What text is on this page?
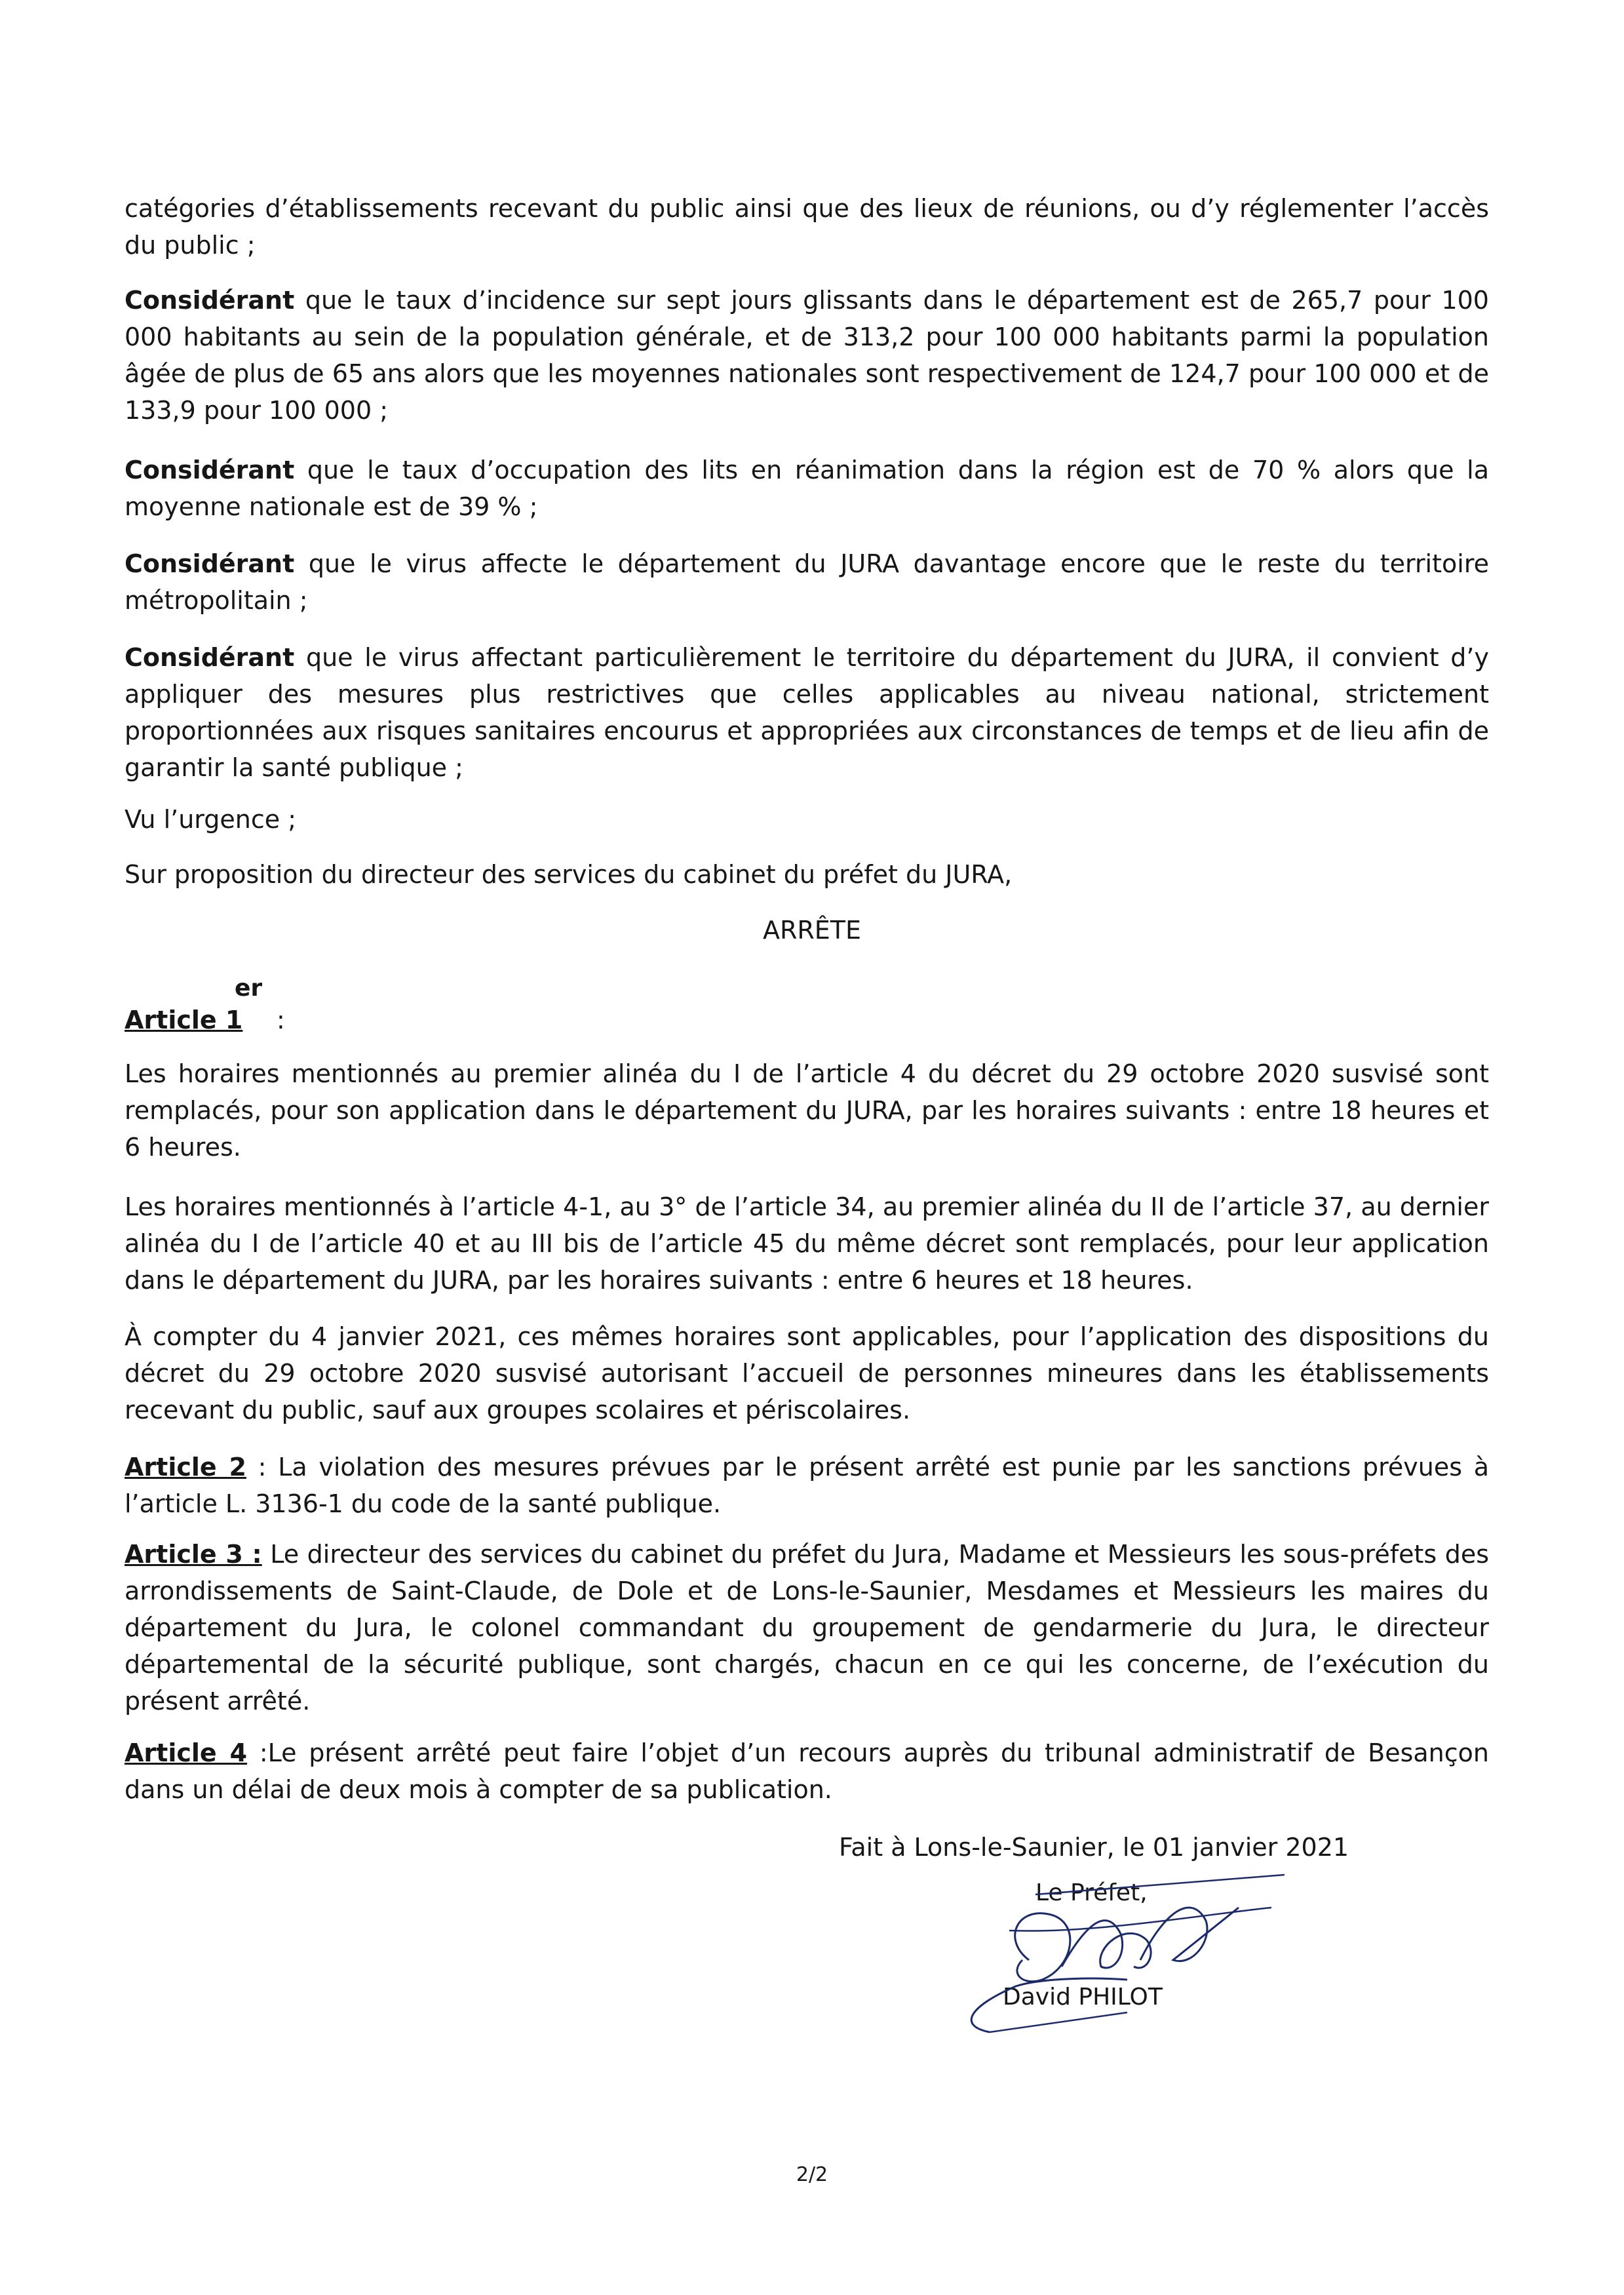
catégories d’établissements recevant du public ainsi que des lieux de réunions, ou d’y réglementer l’accès du public ;
Considérant que le taux d’incidence sur sept jours glissants dans le département est de 265,7 pour 100 000 habitants au sein de la population générale, et de 313,2 pour 100 000 habitants parmi la population âgée de plus de 65 ans alors que les moyennes nationales sont respectivement de 124,7 pour 100 000 et de 133,9 pour 100 000 ;
Considérant que le taux d’occupation des lits en réanimation dans la région est de 70 % alors que la moyenne nationale est de 39 % ;
Considérant que le virus affecte le département du JURA davantage encore que le reste du territoire métropolitain ;
Considérant que le virus affectant particulièrement le territoire du département du JURA, il convient d’y appliquer des mesures plus restrictives que celles applicables au niveau national, strictement proportionnées aux risques sanitaires encourus et appropriées aux circonstances de temps et de lieu afin de garantir la santé publique ;
Vu l’urgence ;
Sur proposition du directeur des services du cabinet du préfet du JURA,
ARRÊTE
er
Article 1 :
Les horaires mentionnés au premier alinéa du I de l’article 4 du décret du 29 octobre 2020 susvisé sont remplacés, pour son application dans le département du JURA, par les horaires suivants : entre 18 heures et 6 heures.
Les horaires mentionnés à l’article 4-1, au 3° de l’article 34, au premier alinéa du II de l’article 37, au dernier alinéa du I de l’article 40 et au III bis de l’article 45 du même décret sont remplacés, pour leur application dans le département du JURA, par les horaires suivants : entre 6 heures et 18 heures.
À compter du 4 janvier 2021, ces mêmes horaires sont applicables, pour l’application des dispositions du décret du 29 octobre 2020 susvisé autorisant l’accueil de personnes mineures dans les établissements recevant du public, sauf aux groupes scolaires et périscolaires.
Article 2 : La violation des mesures prévues par le présent arrêté est punie par les sanctions prévues à l’article L. 3136-1 du code de la santé publique.
Article 3 : Le directeur des services du cabinet du préfet du Jura, Madame et Messieurs les sous-préfets des arrondissements de Saint-Claude, de Dole et de Lons-le-Saunier, Mesdames et Messieurs les maires du département du Jura, le colonel commandant du groupement de gendarmerie du Jura, le directeur départemental de la sécurité publique, sont chargés, chacun en ce qui les concerne, de l’exécution du présent arrêté.
Article 4 :Le présent arrêté peut faire l’objet d’un recours auprès du tribunal administratif de Besançon dans un délai de deux mois à compter de sa publication.
Fait à Lons-le-Saunier, le 01 janvier 2021
Le Préfet,
David PHILOT
2/2
